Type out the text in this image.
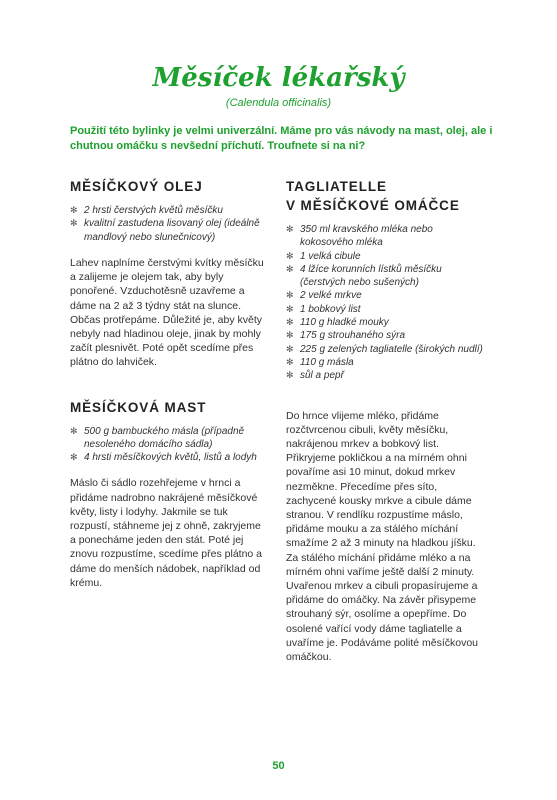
Měsíček lékařský
(Calendula officinalis)
Použití této bylinky je velmi univerzální. Máme pro vás návody na mast, olej, ale i chutnou omáčku s nevšední příchutí. Troufnete si na ni?
MĚSÍČKOVÝ OLEJ
✻ 2 hrsti čerstvých květů měsíčku
✻ kvalitní zastudena lisovaný olej (ideálně mandlový nebo slunečnicový)

Lahev naplníme čerstvými kvítky měsíčku a zalijeme je olejem tak, aby byly ponořené. Vzduchotěsně uzavřeme a dáme na 2 až 3 týdny stát na slunce. Občas protřepáme. Důležité je, aby květy nebyly nad hladinou oleje, jinak by mohly začít plesnivět. Poté opět scedíme přes plátno do lahviček.

MĚSÍČKOVÁ MAST
✻ 500 g bambuckého másla (případně nesoleného domácího sádla)
✻ 4 hrsti měsíčkových květů, listů a lodyh

Máslo či sádlo rozehřejeme v hrnci a přidáme nadrobno nakrájené měsíčkové květy, listy i lodyhy. Jakmile se tuk rozpustí, stáhneme jej z ohně, zakryjeme a ponecháme jeden den stát. Poté jej znovu rozpustíme, scedíme přes plátno a dáme do menších nádobek, například od krému.

TAGLIATELLE
V MĚSÍČKOVÉ OMÁČCE
✻ 350 ml kravského mléka nebo kokosového mléka
✻ 1 velká cibule
✻ 4 lžíce korunních lístků měsíčku (čerstvých nebo sušených)
✻ 2 velké mrkve
✻ 1 bobkový list
✻ 110 g hladké mouky
✻ 175 g strouhaného sýra
✻ 225 g zelených tagliatelle (širokých nudlí)
✻ 110 g másla
✻ sůl a pepř

Do hrnce vlijeme mléko, přidáme rozčtvrcenou cibuli, květy měsíčku, nakrájenou mrkev a bobkový list. Přikryjeme pokličkou a na mírném ohni povaříme asi 10 minut, dokud mrkev nezměkne. Přecedíme přes síto, zachycené kousky mrkve a cibule dáme stranou. V rendlíku rozpustíme máslo, přidáme mouku a za stálého míchání smažíme 2 až 3 minuty na hladkou jíšku. Za stálého míchání přidáme mléko a na mírném ohni vaříme ještě další 2 minuty. Uvařenou mrkev a cibuli propasírujeme a přidáme do omáčky. Na závěr přisypeme strouhaný sýr, osolíme a opepříme. Do osolené vařící vody dáme tagliatelle a uvaříme je. Podáváme polité měsíčkovou omáčkou.

50
